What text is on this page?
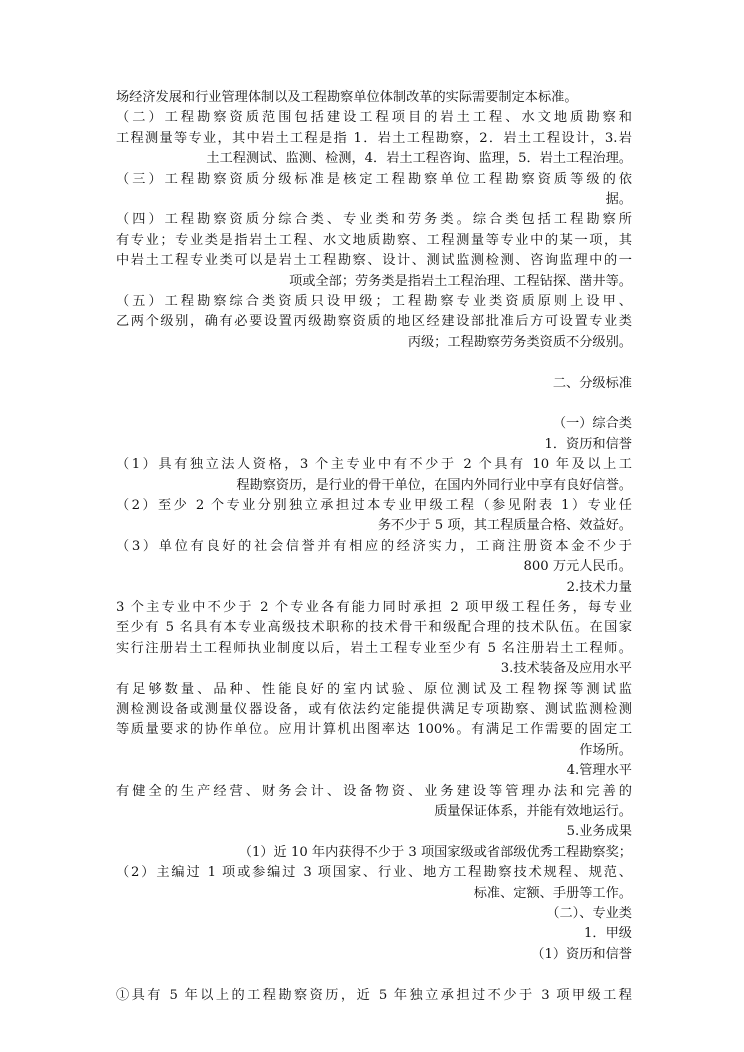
场经济发展和行业管理体制以及工程勘察单位体制改革的实际需要制定本标准。
（二）工程勘察资质范围包括建设工程项目的岩土工程、水文地质勘察和
工程测量等专业，其中岩土工程是指 1．岩土工程勘察，2．岩土工程设计，3.岩
土工程测试、监测、检测，4．岩土工程咨询、监理，5．岩土工程治理。
（三）工程勘察资质分级标准是核定工程勘察单位工程勘察资质等级的依
据。
（四）工程勘察资质分综合类、专业类和劳务类。综合类包括工程勘察所
有专业；专业类是指岩土工程、水文地质勘察、工程测量等专业中的某一项，其
中岩土工程专业类可以是岩土工程勘察、设计、测试监测检测、咨询监理中的一
项或全部；劳务类是指岩土工程治理、工程钻探、凿井等。
（五）工程勘察综合类资质只设甲级；工程勘察专业类资质原则上设甲、
乙两个级别，确有必要设置丙级勘察资质的地区经建设部批准后方可设置专业类
丙级；工程勘察劳务类资质不分级别。
二、分级标准
（一）综合类
1．资历和信誉
（1）具有独立法人资格，3 个主专业中有不少于 2 个具有 10 年及以上工
程勘察资历，是行业的骨干单位，在国内外同行业中享有良好信誉。
（2）至少 2 个专业分别独立承担过本专业甲级工程（参见附表 1）专业任
务不少于 5 项，其工程质量合格、效益好。
（3）单位有良好的社会信誉并有相应的经济实力，工商注册资本金不少于
800 万元人民币。
2.技术力量
3 个主专业中不少于 2 个专业各有能力同时承担 2 项甲级工程任务，每专业
至少有 5 名具有本专业高级技术职称的技术骨干和级配合理的技术队伍。在国家
实行注册岩土工程师执业制度以后，岩土工程专业至少有 5 名注册岩土工程师。
3.技术装备及应用水平
有足够数量、品种、性能良好的室内试验、原位测试及工程物探等测试监
测检测设备或测量仪器设备，或有依法约定能提供满足专项勘察、测试监测检测
等质量要求的协作单位。应用计算机出图率达 100%。有满足工作需要的固定工
作场所。
4.管理水平
有健全的生产经营、财务会计、设备物资、业务建设等管理办法和完善的
质量保证体系，并能有效地运行。
5.业务成果
（1）近 10 年内获得不少于 3 项国家级或省部级优秀工程勘察奖；
（2）主编过 1 项或参编过 3 项国家、行业、地方工程勘察技术规程、规范、
标准、定额、手册等工作。
（二）、专业类
1．甲级
（1）资历和信誉
①具有 5 年以上的工程勘察资历，近 5 年独立承担过不少于 3 项甲级工程
